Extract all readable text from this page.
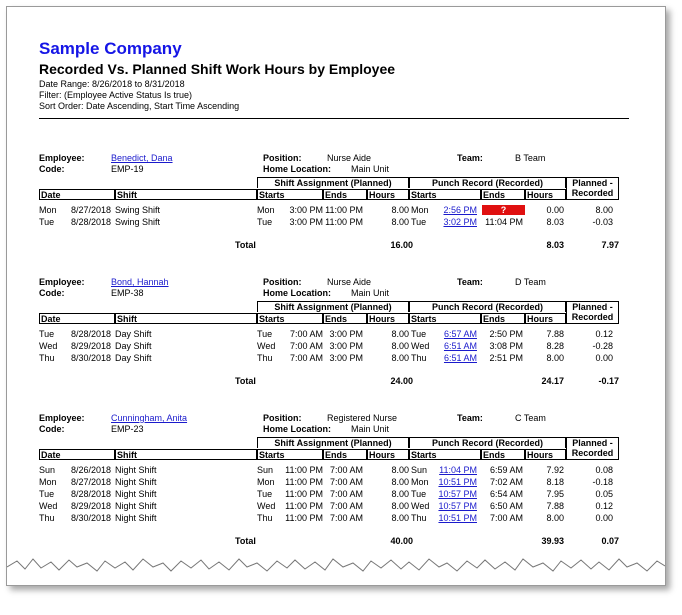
Sample Company
Recorded Vs. Planned Shift Work Hours by Employee
Date Range: 8/26/2018 to 8/31/2018
Filter: (Employee Active Status Is true)
Sort Order: Date Ascending, Start Time Ascending
Employee:	Benedict, Dana
Code:	EMP-19
Position:	Nurse Aide
Home Location: Main Unit
Team:	B Team
Shift Assignment (Planned)	Punch Record (Recorded)	Planned -
Recorded
Date	Shift	Starts	Ends	Hours	Starts	Ends	Hours
Mon 8/27/2018 Swing Shift	Mon	3:00 PM 11:00 PM	8.00 Mon	2:56 PM	?	0.00	8.00
Tue 8/28/2018 Swing Shift	Tue	3:00 PM 11:00 PM	8.00 Tue	3:02 PM 11:04 PM	8.03	-0.03
Total	16.00	8.03	7.97
Employee:	Bond, Hannah
Code:	EMP-38
Position:	Nurse Aide
Home Location: Main Unit
Team:	D Team
Shift Assignment (Planned)	Punch Record (Recorded)	Planned -
Recorded
Date	Shift	Starts	Ends	Hours	Starts	Ends	Hours
Tue 8/28/2018 Day Shift	Tue	7:00 AM 3:00 PM	8.00 Tue	6:57 AM	2:50 PM	7.88	0.12
Wed 8/29/2018 Day Shift	Wed	7:00 AM 3:00 PM	8.00 Wed	6:51 AM	3:08 PM	8.28	-0.28
Thu 8/30/2018 Day Shift	Thu	7:00 AM 3:00 PM	8.00 Thu	6:51 AM	2:51 PM	8.00	0.00
Total	24.00	24.17	-0.17
Employee:	Cunningham, Anita
Code:	EMP-23
Position:	Registered Nurse
Home Location: Main Unit
Team:	C Team
Shift Assignment (Planned)	Punch Record (Recorded)	Planned -
Recorded
Date	Shift	Starts	Ends	Hours	Starts	Ends	Hours
Sun 8/26/2018 Night Shift	Sun	11:00 PM 7:00 AM	8.00 Sun	11:04 PM	6:59 AM	7.92	0.08
Mon 8/27/2018 Night Shift	Mon	11:00 PM 7:00 AM	8.00 Mon	10:51 PM	7:02 AM	8.18	-0.18
Tue 8/28/2018 Night Shift	Tue	11:00 PM 7:00 AM	8.00 Tue	10:57 PM	6:54 AM	7.95	0.05
Wed 8/29/2018 Night Shift	Wed	11:00 PM 7:00 AM	8.00 Wed	10:57 PM	6:50 AM	7.88	0.12
Thu 8/30/2018 Night Shift	Thu	11:00 PM 7:00 AM	8.00 Thu	10:51 PM	7:00 AM	8.00	0.00
Total	40.00	39.93	0.07
